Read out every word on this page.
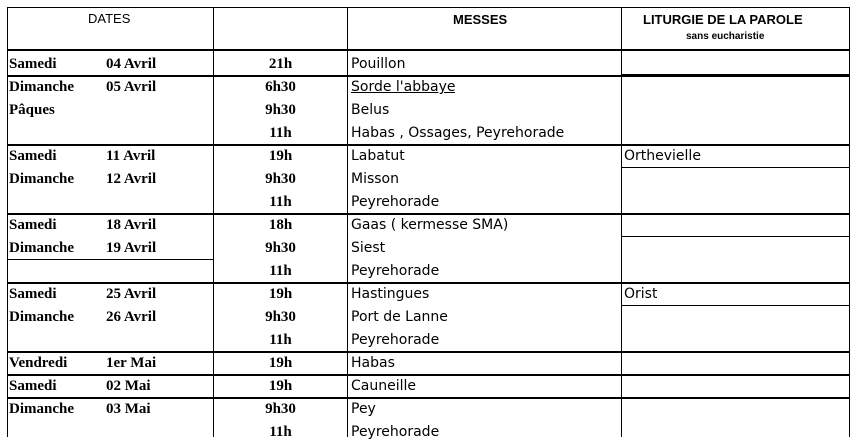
DATES	MESSES	LITURGIE DE LA PAROLE
sans eucharistie
Samedi	04 Avril	21h	Pouillon
Dimanche 05 Avril	6h30	Sorde l'abbaye
Pâques	9h30	Belus
11h	Habas , Ossages, Peyrehorade
Samedi	11 Avril	19h	Labatut	Orthevielle
Dimanche 12 Avril	9h30	Misson
11h	Peyrehorade
Samedi	18 Avril	18h	Gaas ( kermesse SMA)
Dimanche 19 Avril	9h30	Siest
11h	Peyrehorade
Samedi	25 Avril	19h	Hastingues	Orist
Dimanche 26 Avril	9h30	Port de Lanne
11h	Peyrehorade
Vendredi	1er Mai	19h	Habas
Samedi	02 Mai	19h	Cauneille
Dimanche 03 Mai	9h30	Pey
11h	Peyrehorade
